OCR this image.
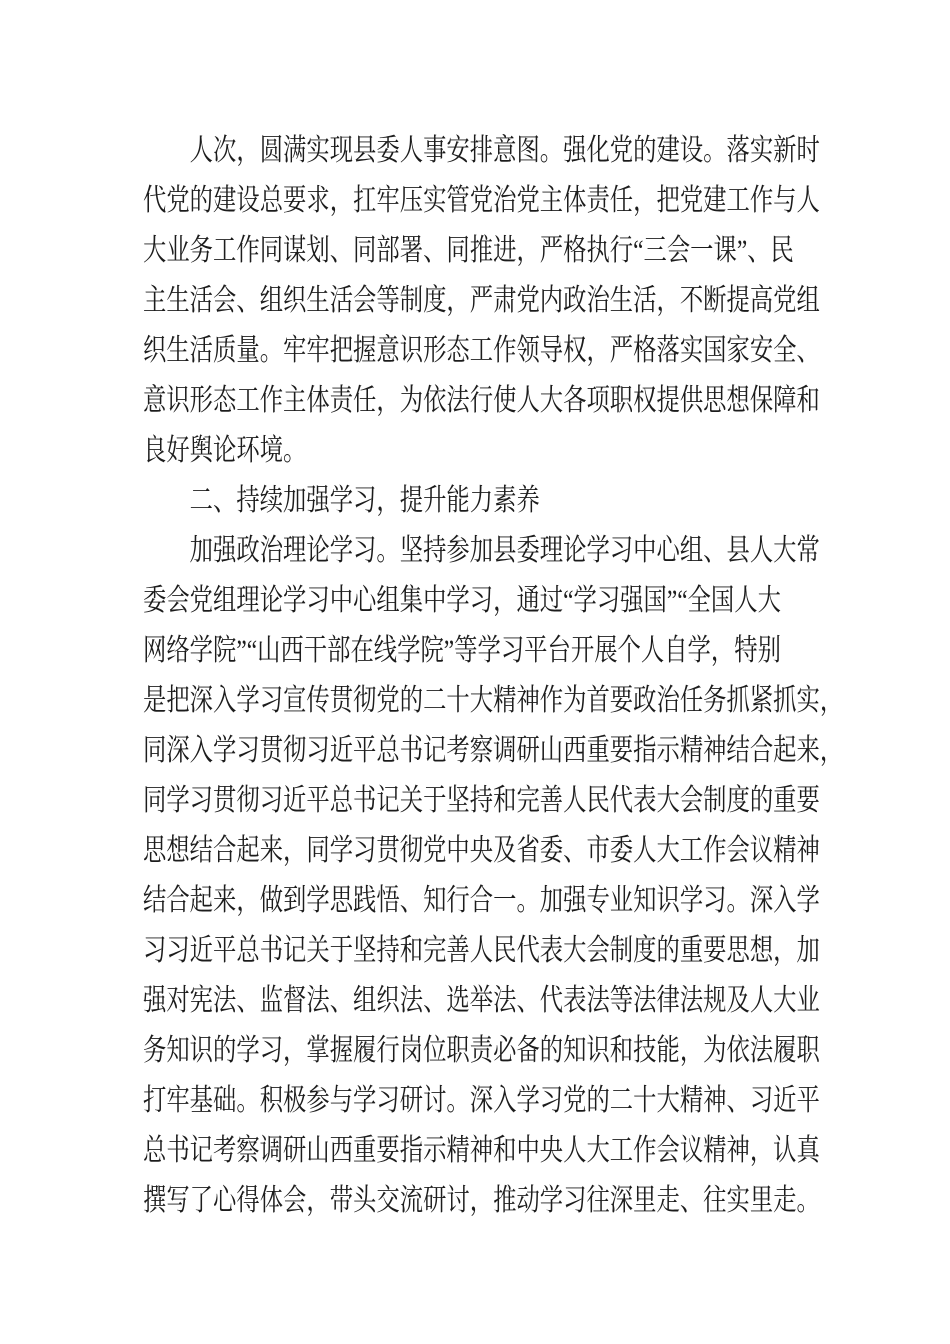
人次，圆满实现县委人事安排意图。强化党的建设。落实新时
代党的建设总要求，扛牢压实管党治党主体责任，把党建工作与人
大业务工作同谋划、同部署、同推进，严格执行“三会一课”、民
主生活会、组织生活会等制度，严肃党内政治生活，不断提高党组
织生活质量。牢牢把握意识形态工作领导权，严格落实国家安全、
意识形态工作主体责任，为依法行使人大各项职权提供思想保障和
良好舆论环境。
二、持续加强学习，提升能力素养
加强政治理论学习。坚持参加县委理论学习中心组、县人大常
委会党组理论学习中心组集中学习，通过“学习强国”“全国人大
网络学院”“山西干部在线学院”等学习平台开展个人自学，特别
是把深入学习宣传贯彻党的二十大精神作为首要政治任务抓紧抓实，
同深入学习贯彻习近平总书记考察调研山西重要指示精神结合起来，
同学习贯彻习近平总书记关于坚持和完善人民代表大会制度的重要
思想结合起来，同学习贯彻党中央及省委、市委人大工作会议精神
结合起来，做到学思践悟、知行合一。加强专业知识学习。深入学
习习近平总书记关于坚持和完善人民代表大会制度的重要思想，加
强对宪法、监督法、组织法、选举法、代表法等法律法规及人大业
务知识的学习，掌握履行岗位职责必备的知识和技能，为依法履职
打牢基础。积极参与学习研讨。深入学习党的二十大精神、习近平
总书记考察调研山西重要指示精神和中央人大工作会议精神，认真
撰写了心得体会，带头交流研讨，推动学习往深里走、往实里走。
